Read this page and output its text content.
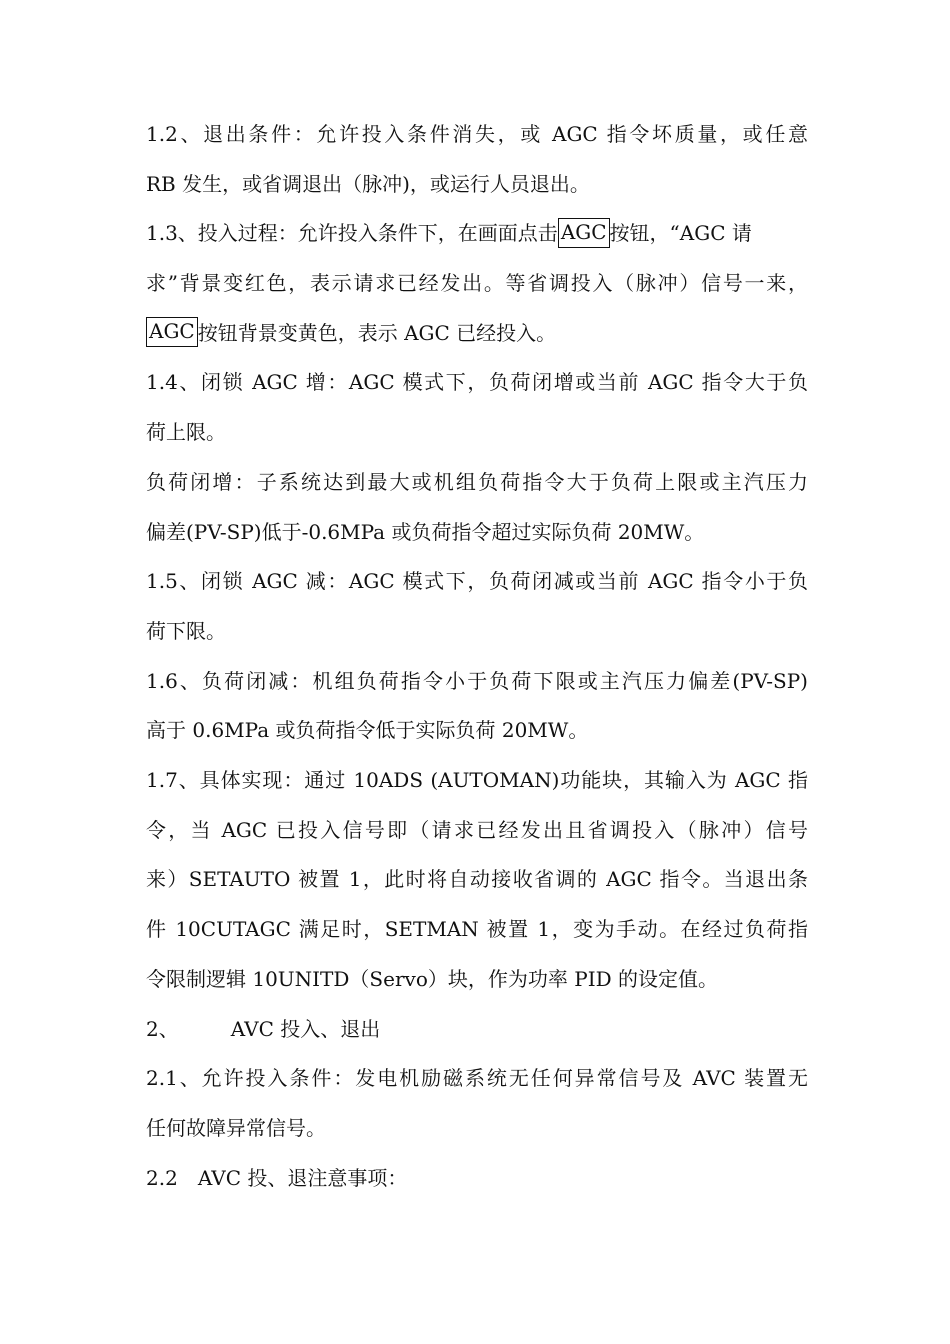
1.2、退出条件：允许投入条件消失，或 AGC 指令坏质量，或任意
RB 发生，或省调退出（脉冲)，或运行人员退出。
1.3、投入过程：允许投入条件下，在画面点击 AGC 按钮，“AGC 请
求”背景变红色，表示请求已经发出。等省调投入（脉冲）信号一来，
AGC 按钮背景变黄色，表示 AGC 已经投入。
1.4、闭锁 AGC 增：AGC 模式下，负荷闭增或当前 AGC 指令大于负
荷上限。
负荷闭增：子系统达到最大或机组负荷指令大于负荷上限或主汽压力
偏差(PV-SP)低于-0.6MPa 或负荷指令超过实际负荷 20MW。
1.5、闭锁 AGC 减：AGC 模式下，负荷闭减或当前 AGC 指令小于负
荷下限。
1.6、负荷闭减：机组负荷指令小于负荷下限或主汽压力偏差(PV-SP)
高于 0.6MPa 或负荷指令低于实际负荷 20MW。
1.7、具体实现：通过 10ADS (AUTOMAN)功能块，其输入为 AGC 指
令，当 AGC 已投入信号即（请求已经发出且省调投入（脉冲）信号
来）SETAUTO 被置 1，此时将自动接收省调的 AGC 指令。当退出条
件 10CUTAGC 满足时，SETMAN 被置 1，变为手动。在经过负荷指
令限制逻辑 10UNITD（Servo）块，作为功率 PID 的设定值。
2、	AVC 投入、退出
2.1、允许投入条件：发电机励磁系统无任何异常信号及 AVC 装置无
任何故障异常信号。
2.2 AVC 投、退注意事项：
